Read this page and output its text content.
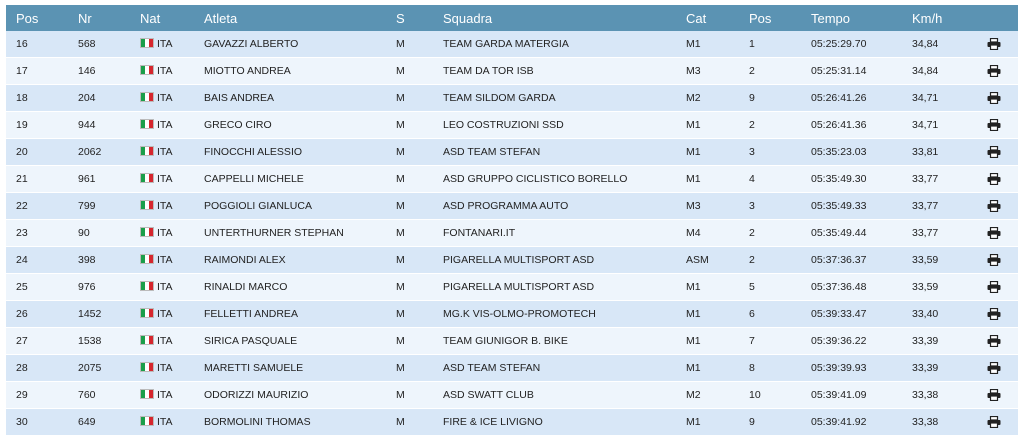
Pos	Nr	Nat	Atleta	S	Squadra	Cat	Pos	Tempo	Km/h	
16	568	ITA	GAVAZZI ALBERTO	M	TEAM GARDA MATERGIA	M1	1	05:25:29.70	34,84	
17	146	ITA	MIOTTO ANDREA	M	TEAM DA TOR ISB	M3	2	05:25:31.14	34,84	
18	204	ITA	BAIS ANDREA	M	TEAM SILDOM GARDA	M2	9	05:26:41.26	34,71	
19	944	ITA	GRECO CIRO	M	LEO COSTRUZIONI SSD	M1	2	05:26:41.36	34,71	
20	2062	ITA	FINOCCHI ALESSIO	M	ASD TEAM STEFAN	M1	3	05:35:23.03	33,81	
21	961	ITA	CAPPELLI MICHELE	M	ASD GRUPPO CICLISTICO BORELLO	M1	4	05:35:49.30	33,77	
22	799	ITA	POGGIOLI GIANLUCA	M	ASD PROGRAMMA AUTO	M3	3	05:35:49.33	33,77	
23	90	ITA	UNTERTHURNER STEPHAN	M	FONTANARI.IT	M4	2	05:35:49.44	33,77	
24	398	ITA	RAIMONDI ALEX	M	PIGARELLA MULTISPORT ASD	ASM	2	05:37:36.37	33,59	
25	976	ITA	RINALDI MARCO	M	PIGARELLA MULTISPORT ASD	M1	5	05:37:36.48	33,59	
26	1452	ITA	FELLETTI ANDREA	M	MG.K VIS-OLMO-PROMOTECH	M1	6	05:39:33.47	33,40	
27	1538	ITA	SIRICA PASQUALE	M	TEAM GIUNIGOR B. BIKE	M1	7	05:39:36.22	33,39	
28	2075	ITA	MARETTI SAMUELE	M	ASD TEAM STEFAN	M1	8	05:39:39.93	33,39	
29	760	ITA	ODORIZZI MAURIZIO	M	ASD SWATT CLUB	M2	10	05:39:41.09	33,38	
30	649	ITA	BORMOLINI THOMAS	M	FIRE & ICE LIVIGNO	M1	9	05:39:41.92	33,38	
